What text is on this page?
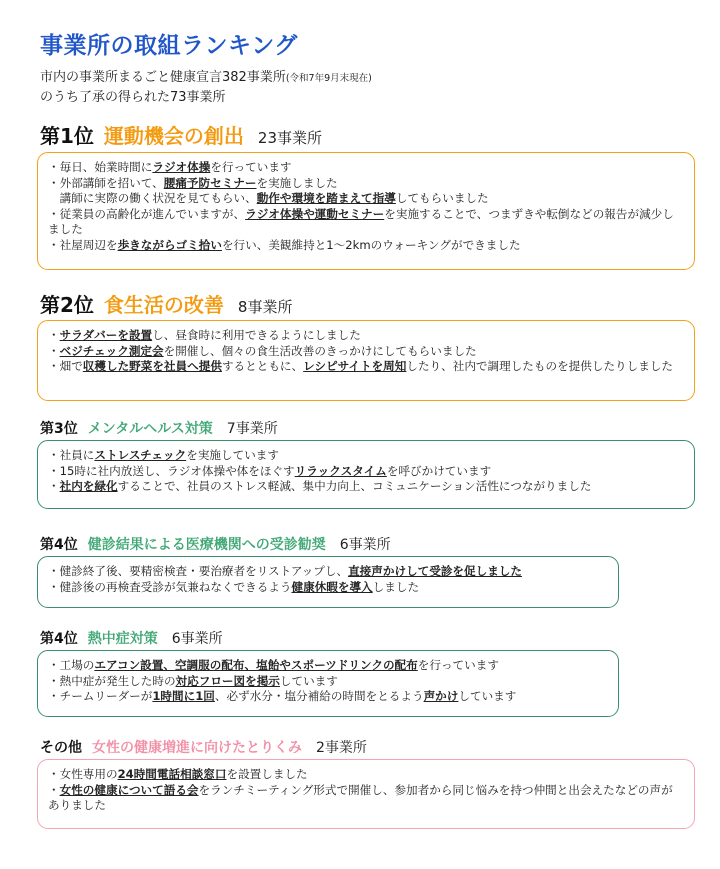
事業所の取組ランキング
市内の事業所まるごと健康宣言382事業所(令和7年9月末現在)
のうち了承の得られた73事業所
第1位 運動機会の創出 23事業所
・毎日、始業時間にラジオ体操を行っています
・外部講師を招いて、腰痛予防セミナーを実施しました
　講師に実際の働く状況を見てもらい、動作や環境を踏まえて指導してもらいました
・従業員の高齢化が進んでいますが、ラジオ体操や運動セミナーを実施することで、つまずきや転倒などの報告が減少しました
・社屋周辺を歩きながらゴミ拾いを行い、美観維持と1～2kmのウォーキングができました
第2位 食生活の改善 8事業所
・サラダバーを設置し、昼食時に利用できるようにしました
・ベジチェック測定会を開催し、個々の食生活改善のきっかけにしてもらいました
・畑で収穫した野菜を社員へ提供するとともに、レシピサイトを周知したり、社内で調理したものを提供したりしました
第3位 メンタルヘルス対策 7事業所
・社員にストレスチェックを実施しています
・15時に社内放送し、ラジオ体操や体をほぐすリラックスタイムを呼びかけています
・社内を緑化することで、社員のストレス軽減、集中力向上、コミュニケーション活性につながりました
第4位 健診結果による医療機関への受診勧奨 6事業所
・健診終了後、要精密検査・要治療者をリストアップし、直接声かけして受診を促しました
・健診後の再検査受診が気兼ねなくできるよう健康休暇を導入しました
第4位 熱中症対策 6事業所
・工場のエアコン設置、空調服の配布、塩飴やスポーツドリンクの配布を行っています
・熱中症が発生した時の対応フロー図を掲示しています
・チームリーダーが1時間に1回、必ず水分・塩分補給の時間をとるよう声かけしています
その他 女性の健康増進に向けたとりくみ 2事業所
・女性専用の24時間電話相談窓口を設置しました
・女性の健康について語る会をランチミーティング形式で開催し、参加者から同じ悩みを持つ仲間と出会えたなどの声がありました
